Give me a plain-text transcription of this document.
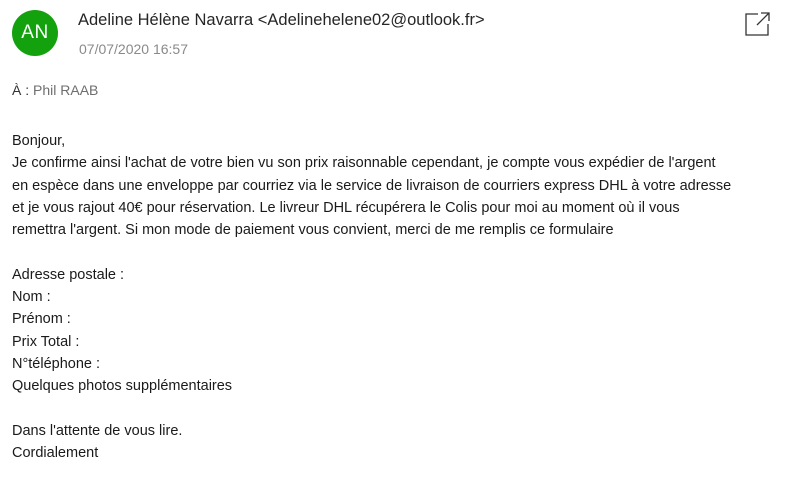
AN
Adeline Hélène Navarra <Adelinehelene02@outlook.fr>
07/07/2020 16:57
À : Phil RAAB

Bonjour,

Je confirme ainsi l'achat de votre bien vu son prix raisonnable cependant, je compte vous expédier de l'argent

en espèce dans une enveloppe par courriez via le service de livraison de courriers express DHL à votre adresse

et je vous rajout 40€ pour réservation. Le livreur DHL récupérera le Colis pour moi au moment où il vous

remettra l'argent. Si mon mode de paiement vous convient, merci de me remplis ce formulaire

Adresse postale :

Nom :

Prénom :

Prix Total :

N°téléphone :

Quelques photos supplémentaires

Dans l'attente de vous lire.

Cordialement
